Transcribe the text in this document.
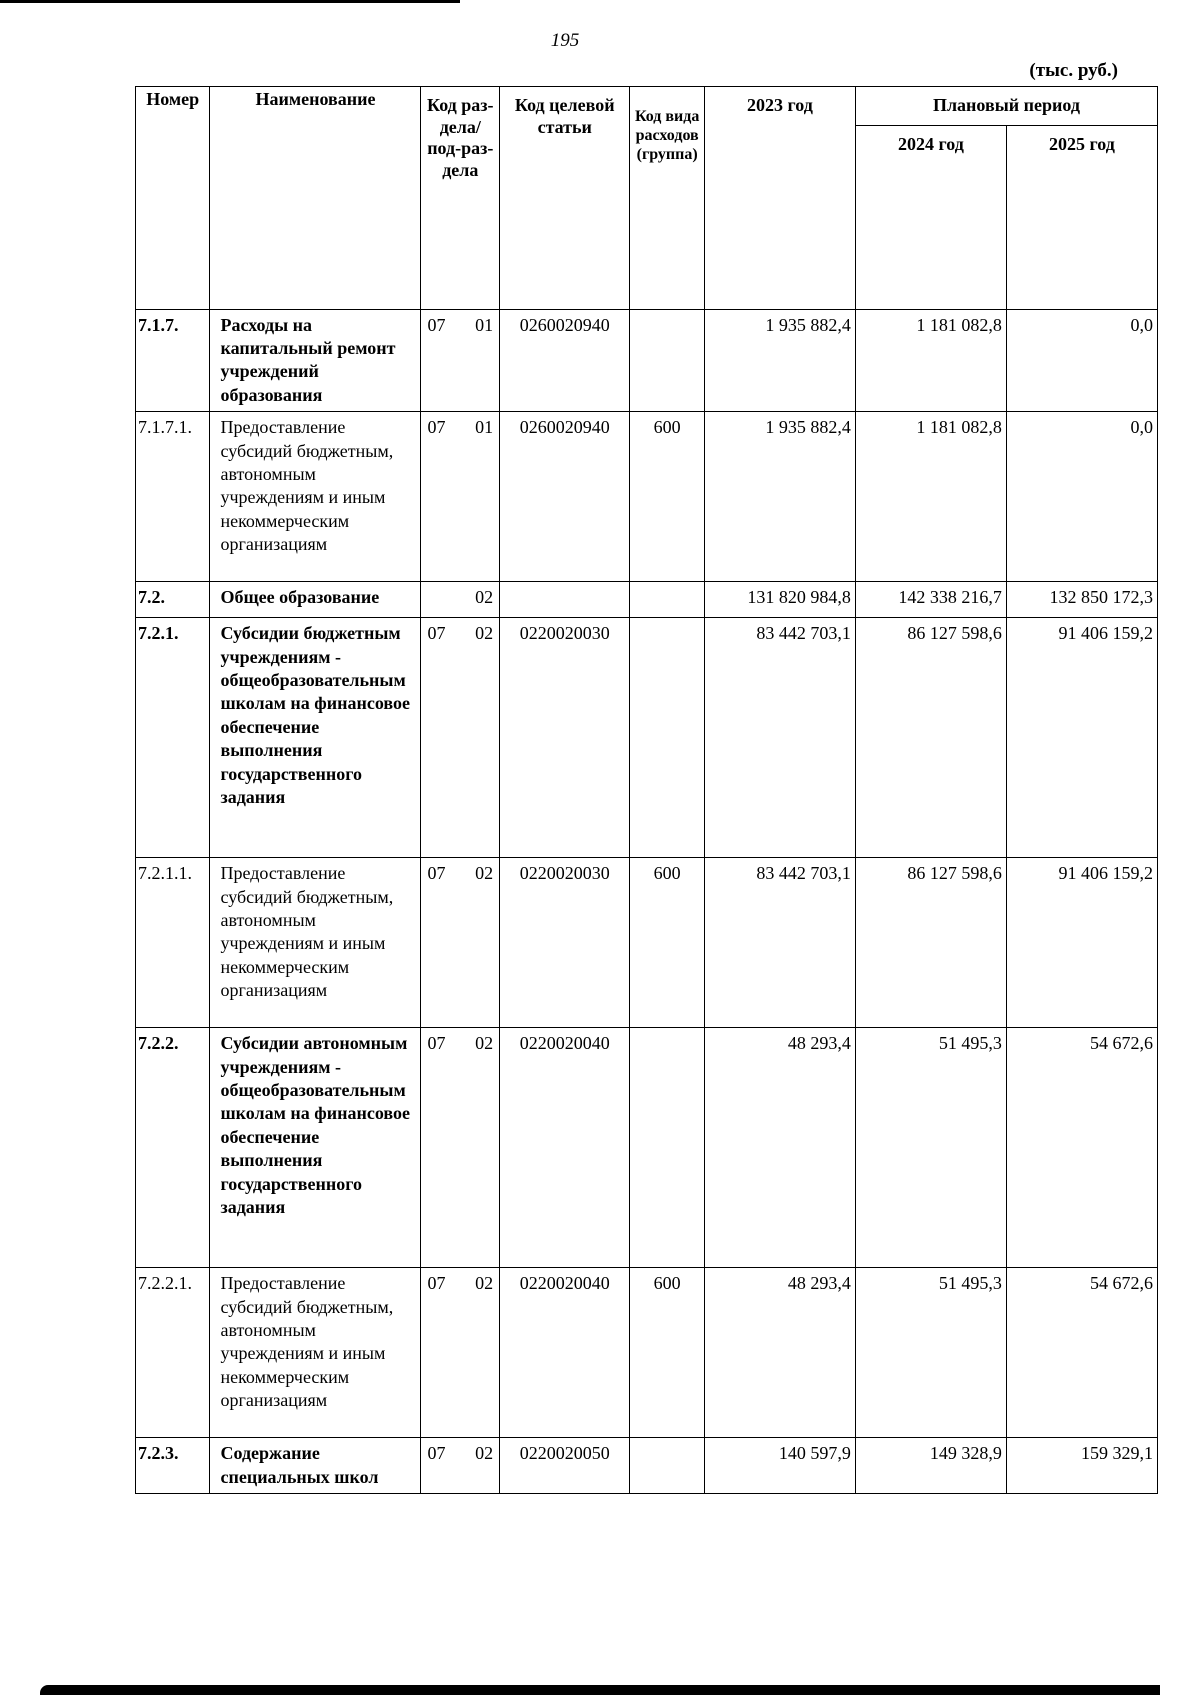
195
(тыс. руб.)
Номер	Наименование	Код раз-дела/ под-раз-дела	Код целевой статьи	Код вида расходов (группа)	2023 год	Плановый период	
						2024 год	2025 год
7.1.7.	Расходы на капитальный ремонт учреждений образования	07 01	0260020940		1 935 882,4	1 181 082,8	0,0
7.1.7.1.	Предоставление субсидий бюджетным, автономным учреждениям и иным некоммерческим организациям	07 01	0260020940	600	1 935 882,4	1 181 082,8	0,0
7.2.	Общее образование	02			131 820 984,8	142 338 216,7	132 850 172,3
7.2.1.	Субсидии бюджетным учреждениям - общеобразовательным школам на финансовое обеспечение выполнения государственного задания	07 02	0220020030		83 442 703,1	86 127 598,6	91 406 159,2
7.2.1.1.	Предоставление субсидий бюджетным, автономным учреждениям и иным некоммерческим организациям	07 02	0220020030	600	83 442 703,1	86 127 598,6	91 406 159,2
7.2.2.	Субсидии автономным учреждениям - общеобразовательным школам на финансовое обеспечение выполнения государственного задания	07 02	0220020040		48 293,4	51 495,3	54 672,6
7.2.2.1.	Предоставление субсидий бюджетным, автономным учреждениям и иным некоммерческим организациям	07 02	0220020040	600	48 293,4	51 495,3	54 672,6
7.2.3.	Содержание специальных школ	07 02	0220020050		140 597,9	149 328,9	159 329,1
